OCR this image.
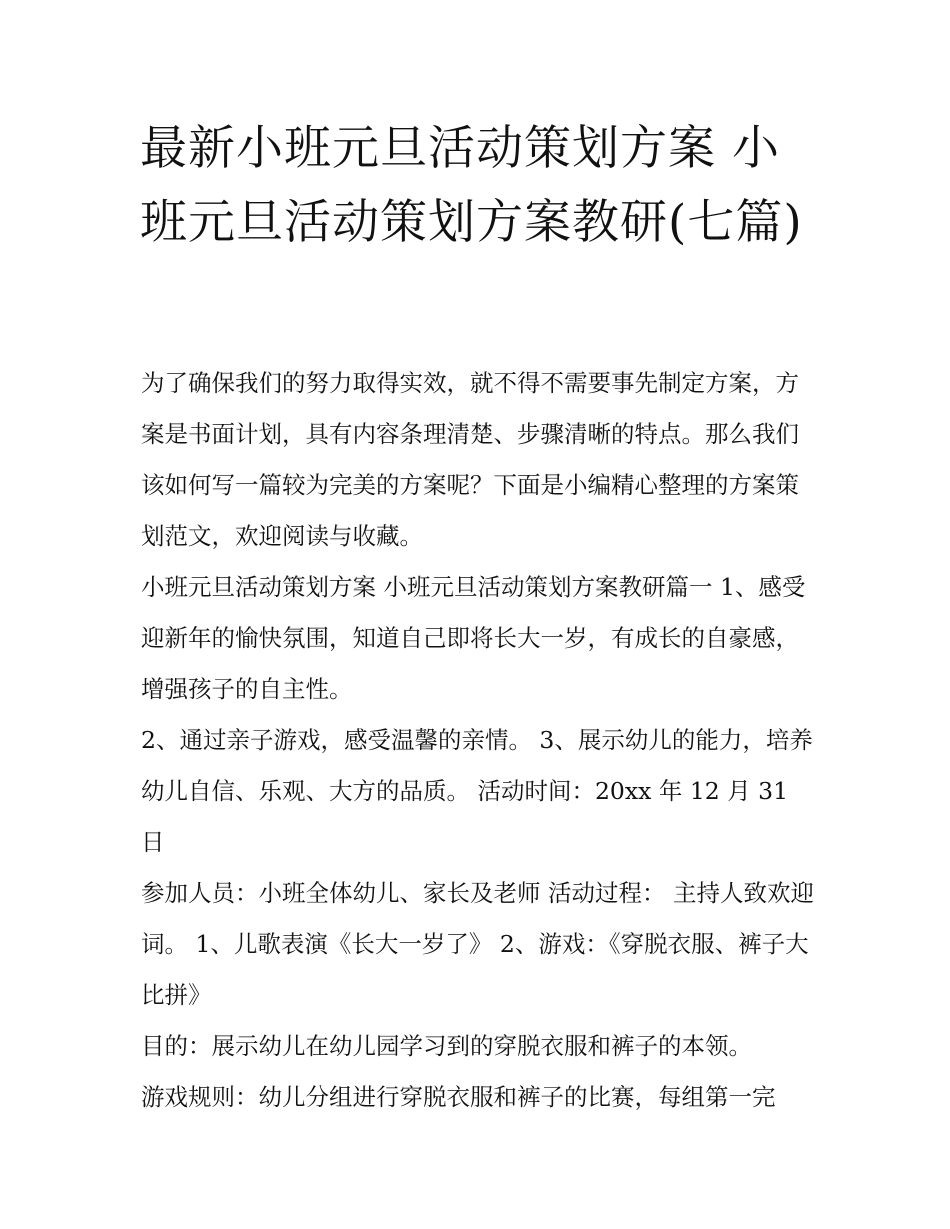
最新小班元旦活动策划方案 小班元旦活动策划方案教研(七篇)

为了确保我们的努力取得实效，就不得不需要事先制定方案，方案是书面计划，具有内容条理清楚、步骤清晰的特点。那么我们该如何写一篇较为完美的方案呢？下面是小编精心整理的方案策划范文，欢迎阅读与收藏。

小班元旦活动策划方案 小班元旦活动策划方案教研篇一 1、感受迎新年的愉快氛围，知道自己即将长大一岁，有成长的自豪感，增强孩子的自主性。

2、通过亲子游戏，感受温馨的亲情。 3、展示幼儿的能力，培养幼儿自信、乐观、大方的品质。 活动时间：20xx 年 12 月 31 日

参加人员：小班全体幼儿、家长及老师 活动过程： 主持人致欢迎词。 1、儿歌表演《长大一岁了》 2、游戏：《穿脱衣服、裤子大比拼》

目的：展示幼儿在幼儿园学习到的穿脱衣服和裤子的本领。

游戏规则：幼儿分组进行穿脱衣服和裤子的比赛，每组第一完
